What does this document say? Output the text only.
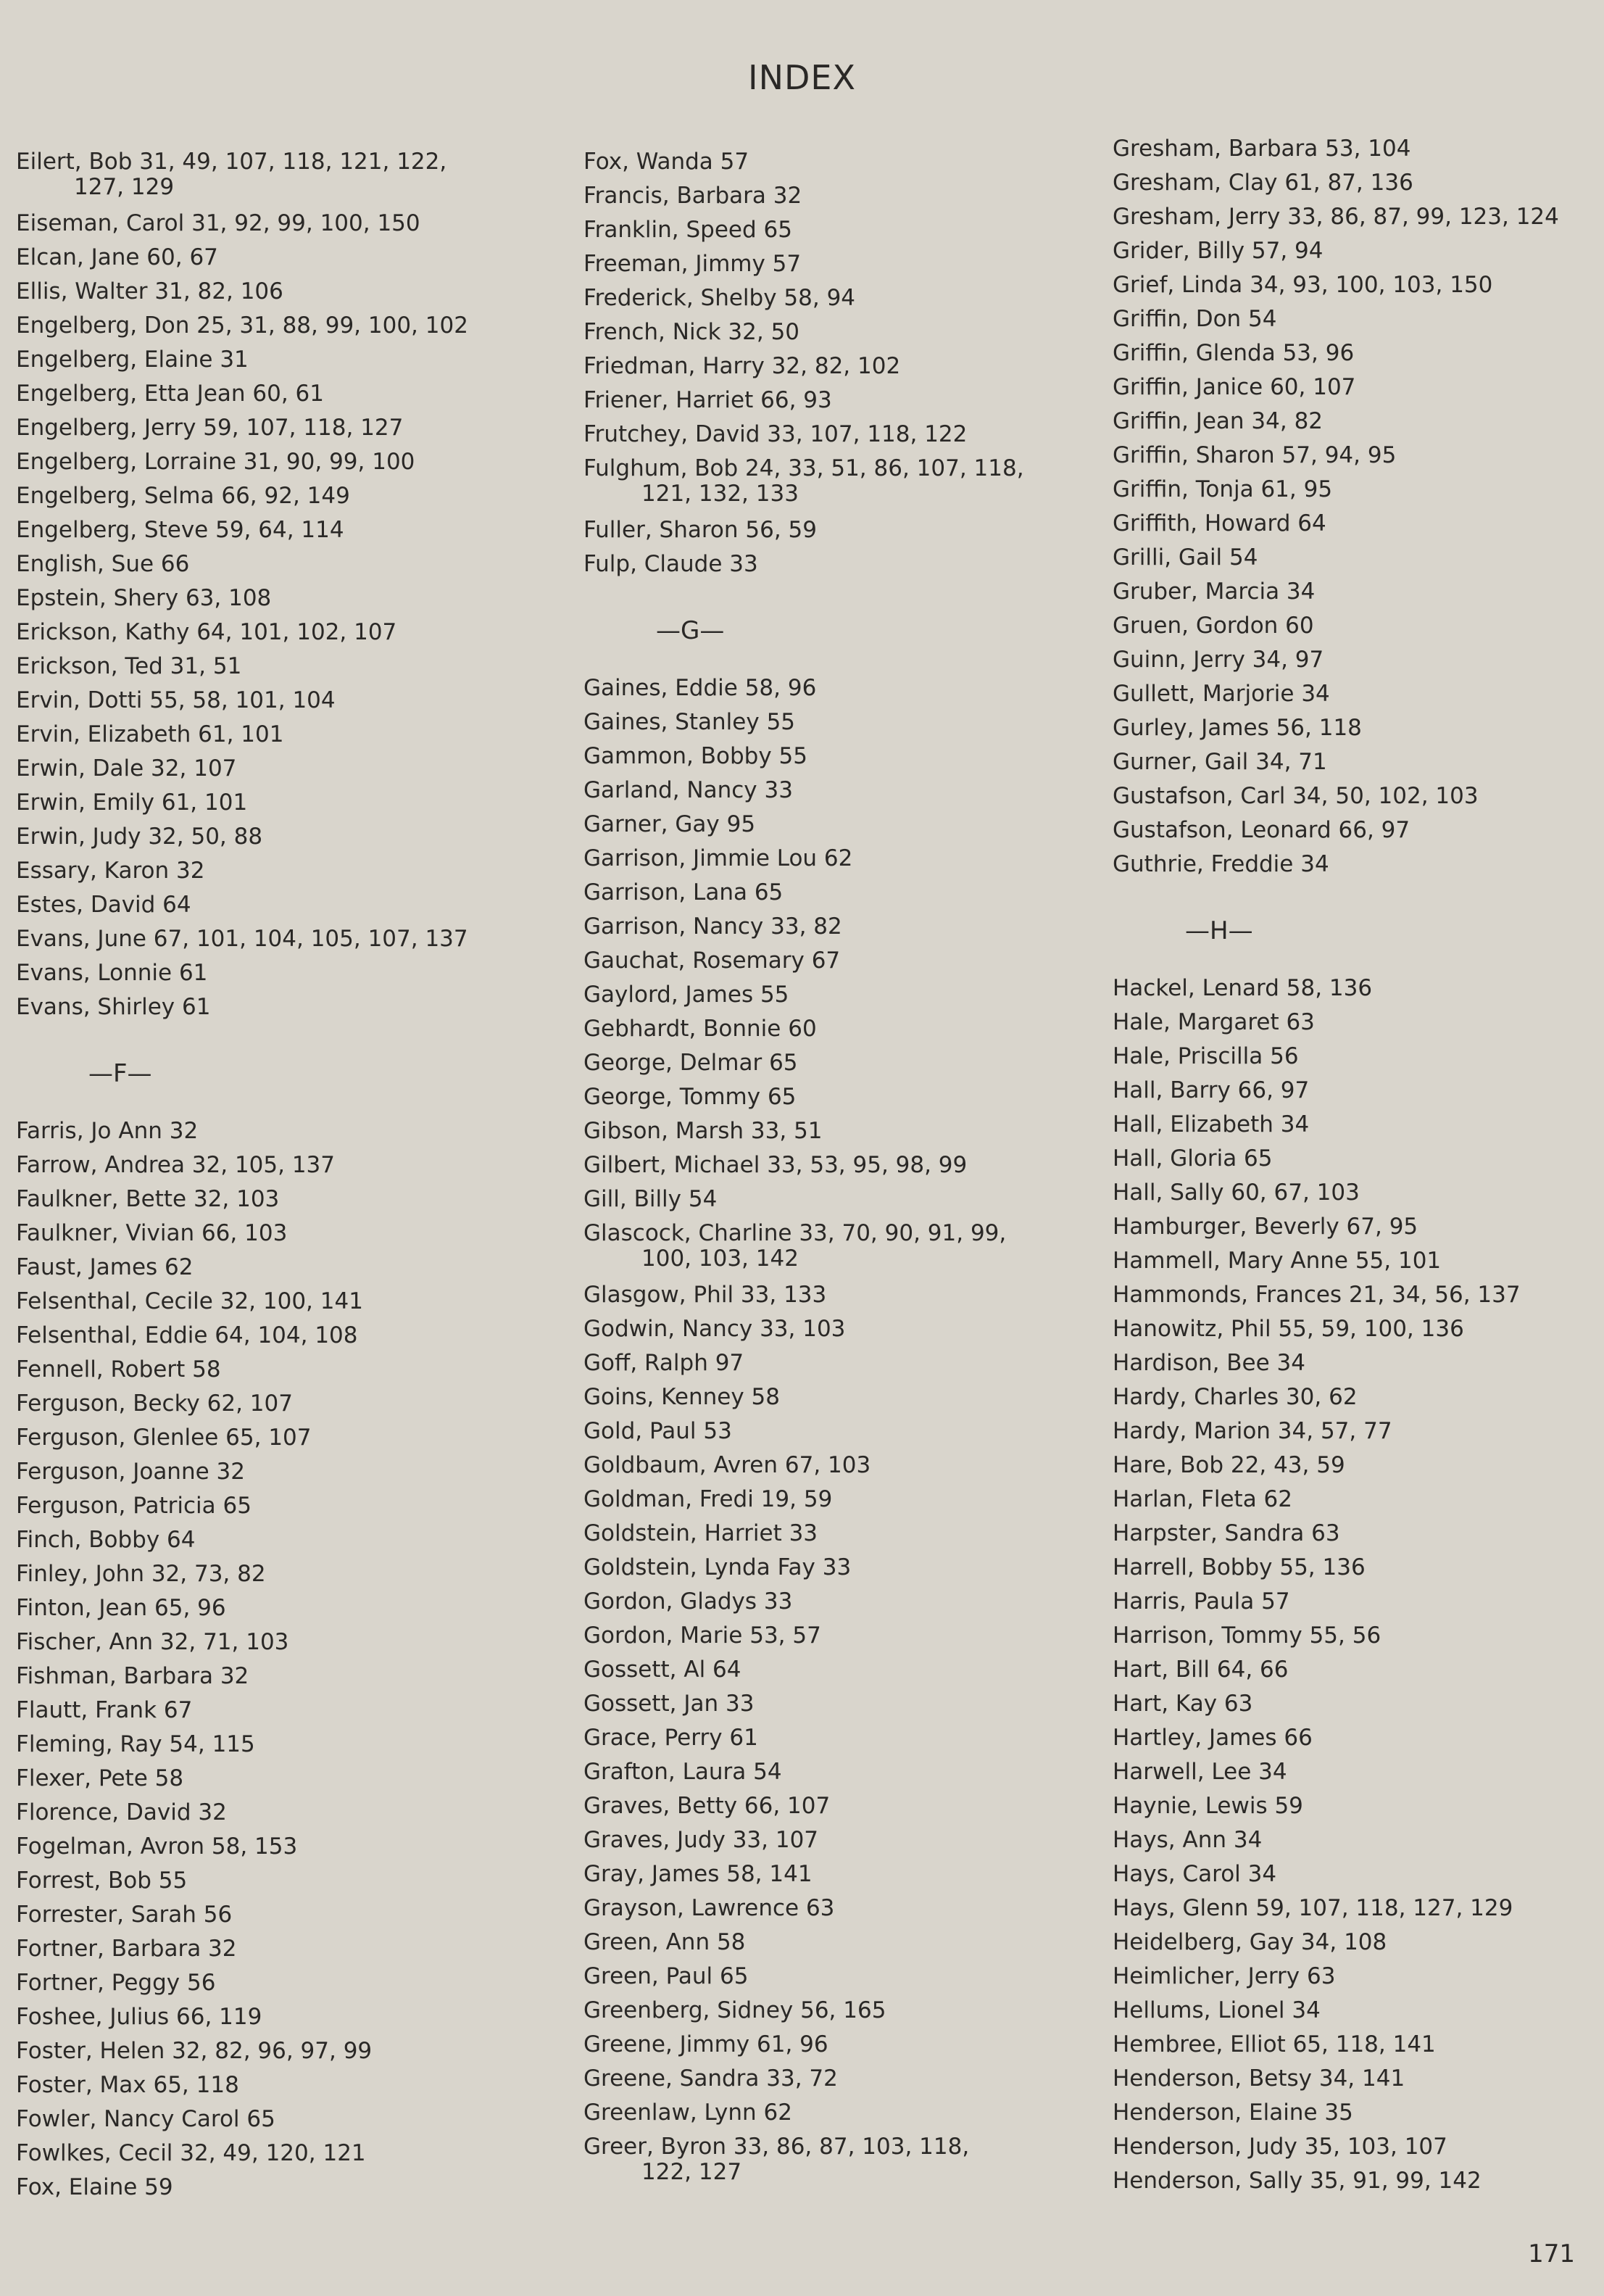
INDEX
Eilert, Bob 31, 49, 107, 118, 121, 122,
127, 129
Eiseman, Carol 31, 92, 99, 100, 150
Elcan, Jane 60, 67
Ellis, Walter 31, 82, 106
Engelberg, Don 25, 31, 88, 99, 100, 102
Engelberg, Elaine 31
Engelberg, Etta Jean 60, 61
Engelberg, Jerry 59, 107, 118, 127
Engelberg, Lorraine 31, 90, 99, 100
Engelberg, Selma 66, 92, 149
Engelberg, Steve 59, 64, 114
English, Sue 66
Epstein, Shery 63, 108
Erickson, Kathy 64, 101, 102, 107
Erickson, Ted 31, 51
Ervin, Dotti 55, 58, 101, 104
Ervin, Elizabeth 61, 101
Erwin, Dale 32, 107
Erwin, Emily 61, 101
Erwin, Judy 32, 50, 88
Essary, Karon 32
Estes, David 64
Evans, June 67, 101, 104, 105, 107, 137
Evans, Lonnie 61
Evans, Shirley 61
—F—
Farris, Jo Ann 32
Farrow, Andrea 32, 105, 137
Faulkner, Bette 32, 103
Faulkner, Vivian 66, 103
Faust, James 62
Felsenthal, Cecile 32, 100, 141
Felsenthal, Eddie 64, 104, 108
Fennell, Robert 58
Ferguson, Becky 62, 107
Ferguson, Glenlee 65, 107
Ferguson, Joanne 32
Ferguson, Patricia 65
Finch, Bobby 64
Finley, John 32, 73, 82
Finton, Jean 65, 96
Fischer, Ann 32, 71, 103
Fishman, Barbara 32
Flautt, Frank 67
Fleming, Ray 54, 115
Flexer, Pete 58
Florence, David 32
Fogelman, Avron 58, 153
Forrest, Bob 55
Forrester, Sarah 56
Fortner, Barbara 32
Fortner, Peggy 56
Foshee, Julius 66, 119
Foster, Helen 32, 82, 96, 97, 99
Foster, Max 65, 118
Fowler, Nancy Carol 65
Fowlkes, Cecil 32, 49, 120, 121
Fox, Elaine 59
Fox, Wanda 57
Francis, Barbara 32
Franklin, Speed 65
Freeman, Jimmy 57
Frederick, Shelby 58, 94
French, Nick 32, 50
Friedman, Harry 32, 82, 102
Friener, Harriet 66, 93
Frutchey, David 33, 107, 118, 122
Fulghum, Bob 24, 33, 51, 86, 107, 118,
121, 132, 133
Fuller, Sharon 56, 59
Fulp, Claude 33
—G—
Gaines, Eddie 58, 96
Gaines, Stanley 55
Gammon, Bobby 55
Garland, Nancy 33
Garner, Gay 95
Garrison, Jimmie Lou 62
Garrison, Lana 65
Garrison, Nancy 33, 82
Gauchat, Rosemary 67
Gaylord, James 55
Gebhardt, Bonnie 60
George, Delmar 65
George, Tommy 65
Gibson, Marsh 33, 51
Gilbert, Michael 33, 53, 95, 98, 99
Gill, Billy 54
Glascock, Charline 33, 70, 90, 91, 99,
100, 103, 142
Glasgow, Phil 33, 133
Godwin, Nancy 33, 103
Goff, Ralph 97
Goins, Kenney 58
Gold, Paul 53
Goldbaum, Avren 67, 103
Goldman, Fredi 19, 59
Goldstein, Harriet 33
Goldstein, Lynda Fay 33
Gordon, Gladys 33
Gordon, Marie 53, 57
Gossett, Al 64
Gossett, Jan 33
Grace, Perry 61
Grafton, Laura 54
Graves, Betty 66, 107
Graves, Judy 33, 107
Gray, James 58, 141
Grayson, Lawrence 63
Green, Ann 58
Green, Paul 65
Greenberg, Sidney 56, 165
Greene, Jimmy 61, 96
Greene, Sandra 33, 72
Greenlaw, Lynn 62
Greer, Byron 33, 86, 87, 103, 118,
122, 127
Gresham, Barbara 53, 104
Gresham, Clay 61, 87, 136
Gresham, Jerry 33, 86, 87, 99, 123, 124
Grider, Billy 57, 94
Grief, Linda 34, 93, 100, 103, 150
Griffin, Don 54
Griffin, Glenda 53, 96
Griffin, Janice 60, 107
Griffin, Jean 34, 82
Griffin, Sharon 57, 94, 95
Griffin, Tonja 61, 95
Griffith, Howard 64
Grilli, Gail 54
Gruber, Marcia 34
Gruen, Gordon 60
Guinn, Jerry 34, 97
Gullett, Marjorie 34
Gurley, James 56, 118
Gurner, Gail 34, 71
Gustafson, Carl 34, 50, 102, 103
Gustafson, Leonard 66, 97
Guthrie, Freddie 34
—H—
Hackel, Lenard 58, 136
Hale, Margaret 63
Hale, Priscilla 56
Hall, Barry 66, 97
Hall, Elizabeth 34
Hall, Gloria 65
Hall, Sally 60, 67, 103
Hamburger, Beverly 67, 95
Hammell, Mary Anne 55, 101
Hammonds, Frances 21, 34, 56, 137
Hanowitz, Phil 55, 59, 100, 136
Hardison, Bee 34
Hardy, Charles 30, 62
Hardy, Marion 34, 57, 77
Hare, Bob 22, 43, 59
Harlan, Fleta 62
Harpster, Sandra 63
Harrell, Bobby 55, 136
Harris, Paula 57
Harrison, Tommy 55, 56
Hart, Bill 64, 66
Hart, Kay 63
Hartley, James 66
Harwell, Lee 34
Haynie, Lewis 59
Hays, Ann 34
Hays, Carol 34
Hays, Glenn 59, 107, 118, 127, 129
Heidelberg, Gay 34, 108
Heimlicher, Jerry 63
Hellums, Lionel 34
Hembree, Elliot 65, 118, 141
Henderson, Betsy 34, 141
Henderson, Elaine 35
Henderson, Judy 35, 103, 107
Henderson, Sally 35, 91, 99, 142
171
